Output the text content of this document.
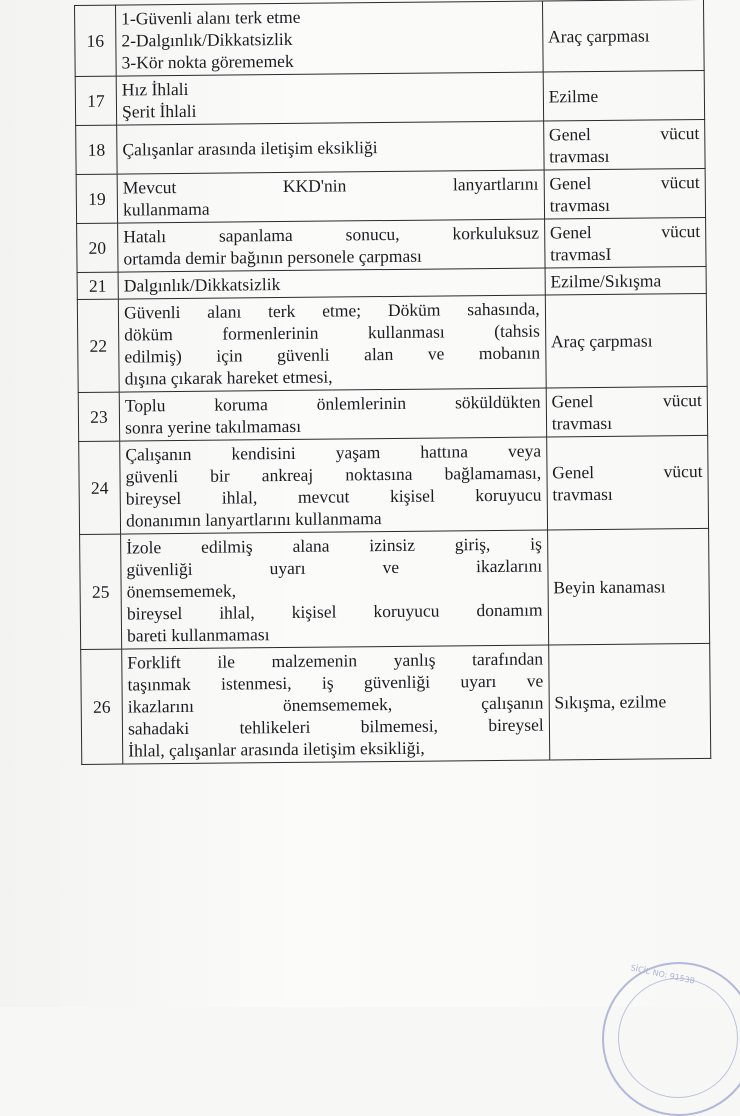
16	1-Güvenli alanı terk etme
2-Dalgınlık/Dikkatsizlik
3-Kör nokta görememek	Araç çarpması

17	Hız İhlali
Şerit İhlali	Ezilme

18	Çalışanlar arasında iletişim eksikliği	Genel vücut
travması

19	Mevcut KKD'nin lanyartlarını
kullanmama	Genel vücut
travması

20	Hatalı sapanlama sonucu, korkuluksuz
ortamda demir bağının personele çarpması	Genel vücut
travmasI

21	Dalgınlık/Dikkatsizlik	Ezilme/Sıkışma

22	Güvenli alanı terk etme; Döküm sahasında,
döküm formenlerinin kullanması (tahsis
edilmiş) için güvenli alan ve mobanın
dışına çıkarak hareket etmesi,	Araç çarpması

23	Toplu koruma önlemlerinin söküldükten
sonra yerine takılmaması	Genel vücut
travması

24	Çalışanın kendisini yaşam hattına veya
güvenli bir ankreaj noktasına bağlamaması,
bireysel ihlal, mevcut kişisel koruyucu
donanımın lanyartlarını kullanmama	Genel vücut
travması

25	İzole edilmiş alana izinsiz giriş, iş
güvenliği uyarı ve ikazlarını
önemsememek,
bireysel ihlal, kişisel koruyucu donamım
bareti kullanmaması	Beyin kanaması

26	Forklift ile malzemenin yanlış tarafından
taşınmak istenmesi, iş güvenliği uyarı ve
ikazlarını önemsememek, çalışanın
sahadaki tehlikeleri bilmemesi, bireysel
İhlal, çalışanlar arasında iletişim eksikliği,	Sıkışma, ezilme
SİCİL NO: 91538
